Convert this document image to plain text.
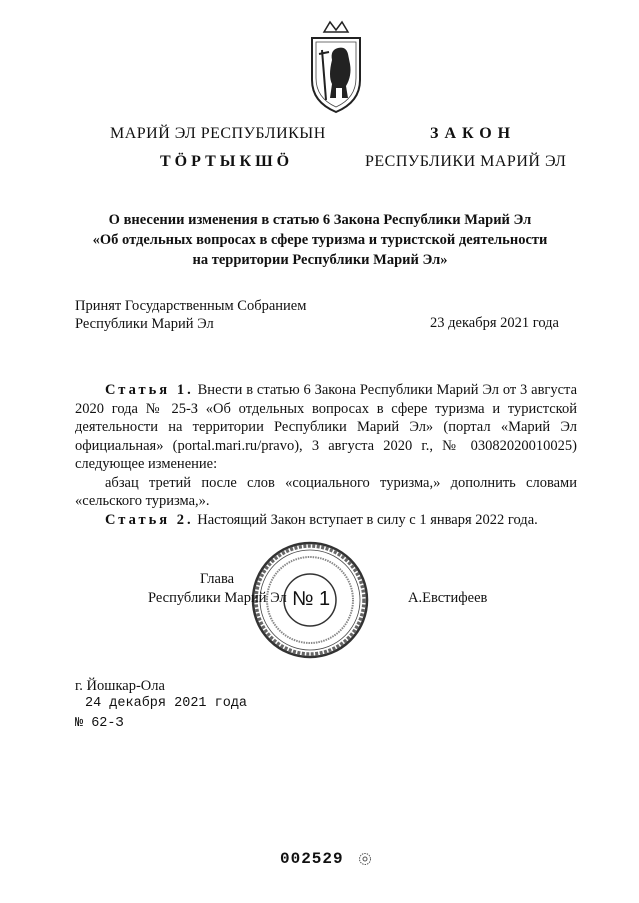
МАРИЙ ЭЛ РЕСПУБЛИКЫН
ТӦРТЫКШӦ
ЗАКОН
РЕСПУБЛИКИ МАРИЙ ЭЛ
О внесении изменения в статью 6 Закона Республики Марий Эл
«Об отдельных вопросах в сфере туризма и туристской деятельности
на территории Республики Марий Эл»
Принят Государственным Собранием
Республики Марий Эл	23 декабря 2021 года

Статья 1. Внести в статью 6 Закона Республики Марий Эл от 3 августа 2020 года № 25-З «Об отдельных вопросах в сфере туризма и туристской деятельности на территории Республики Марий Эл» (портал «Марий Эл официальная» (portal.mari.ru/pravo), 3 августа 2020 г., № 03082020010025) следующее изменение:

абзац третий после слов «социального туризма,» дополнить словами «сельского туризма,».

Статья 2. Настоящий Закон вступает в силу с 1 января 2022 года.

№ 1
Глава
Республики Марий Эл	А.Евстифеев
г. Йошкар-Ола
24 декабря 2021 года
№ 62-З
002529
